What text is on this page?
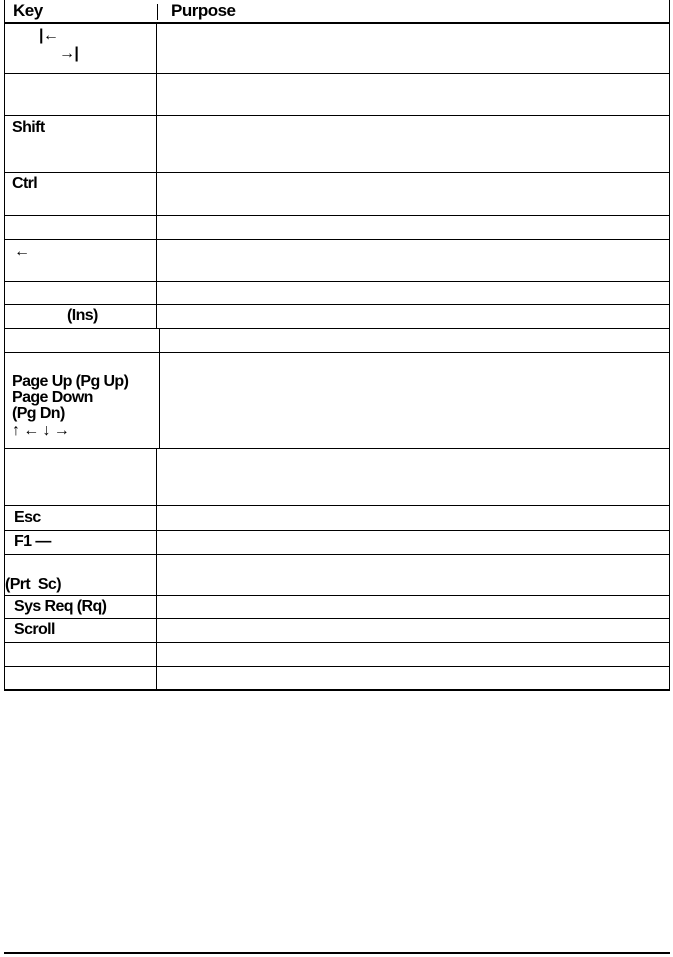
Key	Purpose
|←
→|
Shift
Ctrl
←
(Ins)
Page Up (Pg Up)
Page Down
(Pg Dn)
↑ ← ↓ →
Esc
F1 —
(Prt  Sc)
Sys Req (Rq)
Scroll
